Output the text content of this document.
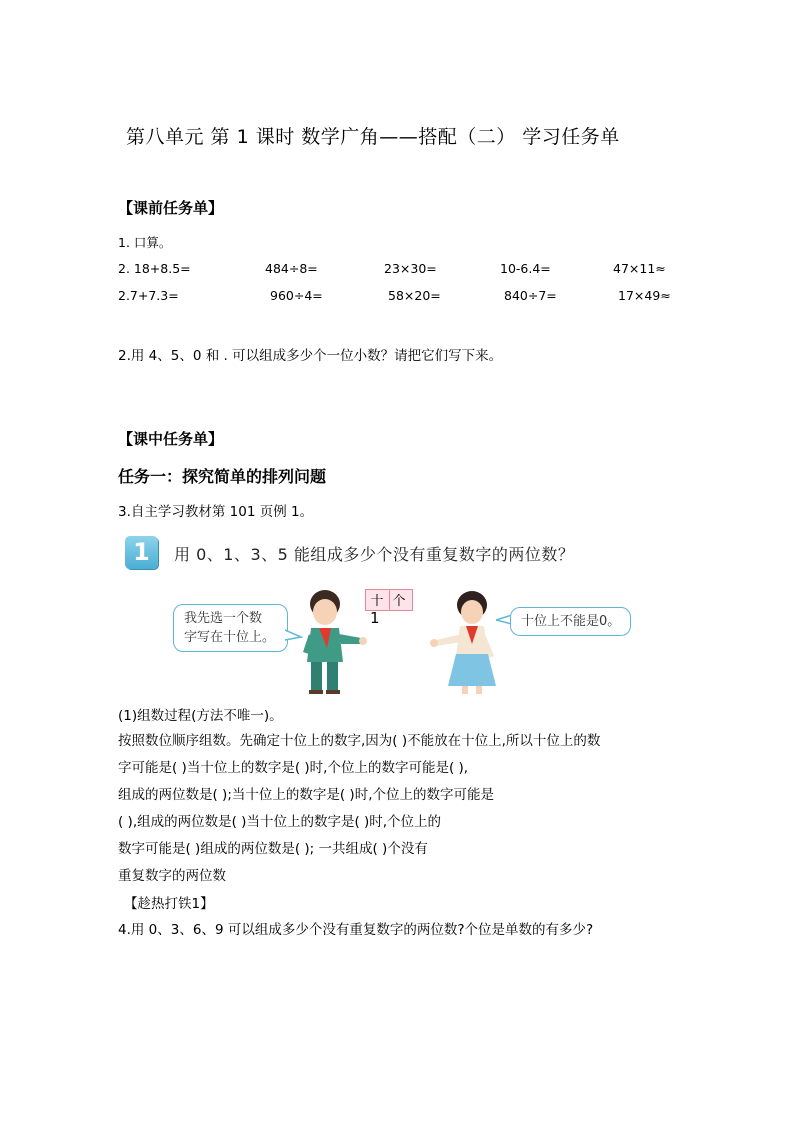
第八单元 第 1 课时 数学广角——搭配（二） 学习任务单
【课前任务单】
1. 口算。
2. 18+8.5=	484÷8=	23×30=	10-6.4=	47×11≈
2.7+7.3=	960÷4=	58×20=	840÷7=	17×49≈
2.用 4、5、0 和 . 可以组成多少个一位小数？请把它们写下来。
【课中任务单】
任务一：探究简单的排列问题
3.自主学习教材第 101 页例 1。
1	用 0、1、3、5 能组成多少个没有重复数字的两位数？
我先选一个数
字写在十位上。
十 个
1	十位上不能是0。
(1)组数过程(方法不唯一)。
按照数位顺序组数。先确定十位上的数字,因为( )不能放在十位上,所以十位上的数
字可能是( )当十位上的数字是( )时,个位上的数字可能是( ),
组成的两位数是( );当十位上的数字是( )时,个位上的数字可能是
( ),组成的两位数是( )当十位上的数字是( )时,个位上的
数字可能是( )组成的两位数是( ); 一共组成( )个没有
重复数字的两位数
【趁热打铁1】
4.用 0、3、6、9 可以组成多少个没有重复数字的两位数?个位是单数的有多少?
